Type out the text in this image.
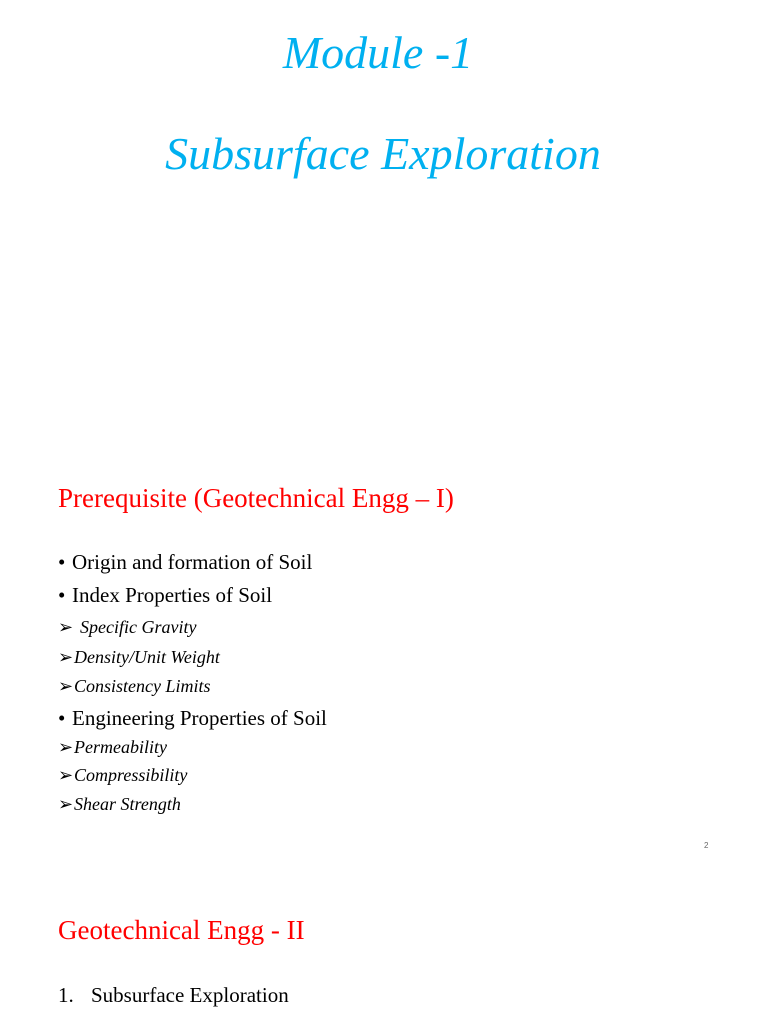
Module -1
Subsurface Exploration
Prerequisite (Geotechnical Engg – I)
• Origin and formation of Soil
• Index Properties of Soil
➢ Specific Gravity
➢Density/Unit Weight
➢Consistency Limits
• Engineering Properties of Soil
➢Permeability
➢Compressibility
➢Shear Strength
2
Geotechnical Engg - II
1. Subsurface Exploration
